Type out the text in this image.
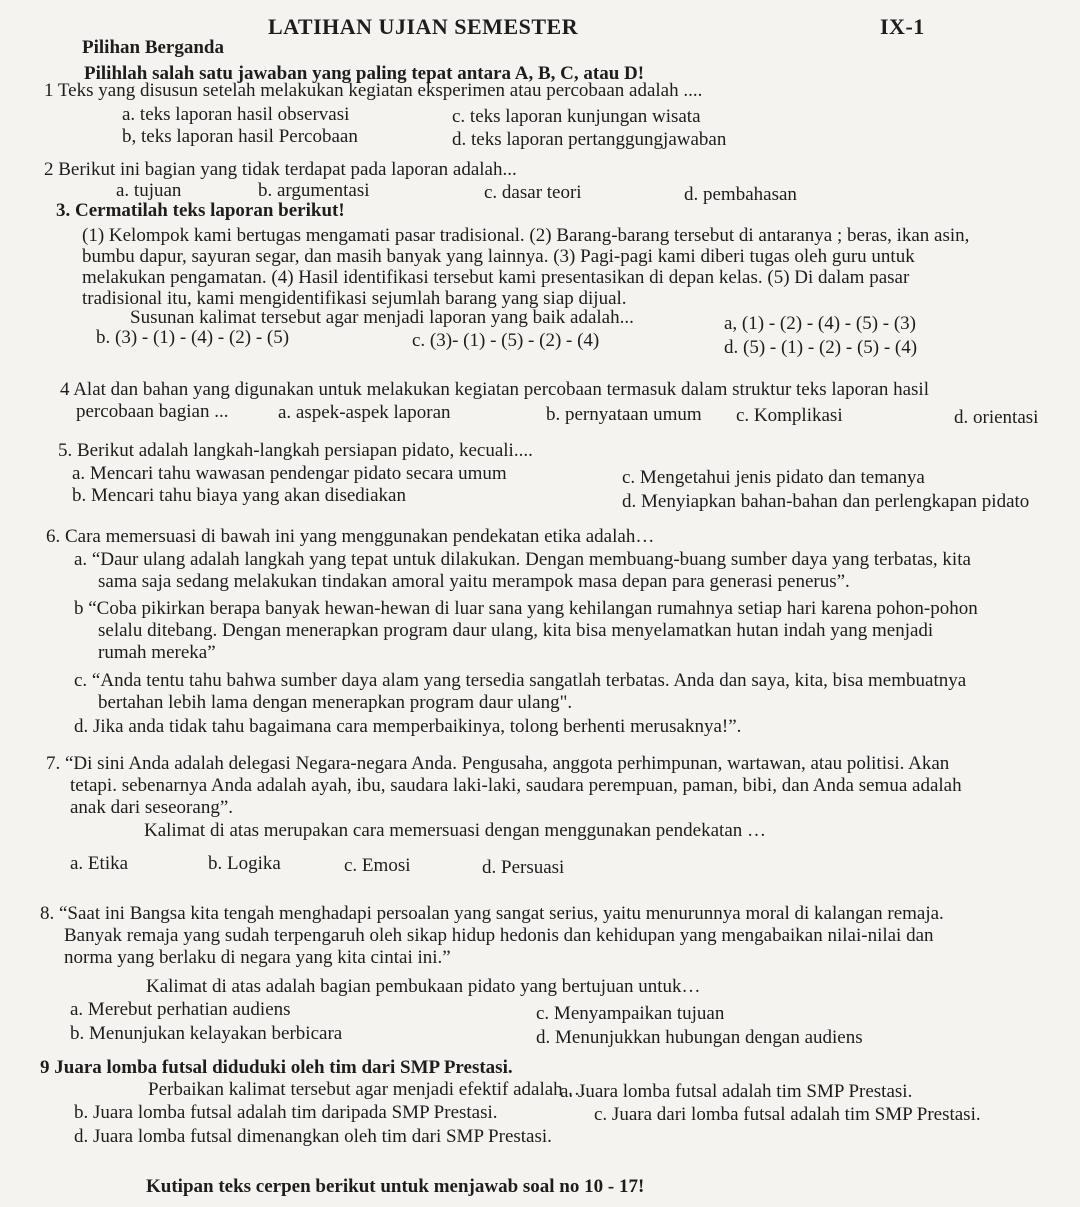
LATIHAN UJIAN SEMESTER	IX-1
Pilihan Berganda
Pilihlah salah satu jawaban yang paling tepat antara A, B, C, atau D!
1 Teks yang disusun setelah melakukan kegiatan eksperimen atau percobaan adalah ....
a. teks laporan hasil observasi
b, teks laporan hasil Percobaan
c. teks laporan kunjungan wisata
d. teks laporan pertanggungjawaban
2 Berikut ini bagian yang tidak terdapat pada laporan adalah...
a. tujuan	b. argumentasi	c. dasar teori	d. pembahasan
3. Cermatilah teks laporan berikut!
(1) Kelompok kami bertugas mengamati pasar tradisional. (2) Barang-barang tersebut di antaranya ; beras, ikan asin,
bumbu dapur, sayuran segar, dan masih banyak yang lainnya. (3) Pagi-pagi kami diberi tugas oleh guru untuk
melakukan pengamatan. (4) Hasil identifikasi tersebut kami presentasikan di depan kelas. (5) Di dalam pasar
tradisional itu, kami mengidentifikasi sejumlah barang yang siap dijual.
Susunan kalimat tersebut agar menjadi laporan yang baik adalah...	a, (1) - (2) - (4) - (5) - (3)
b. (3) - (1) - (4) - (2) - (5)	c. (3)- (1) - (5) - (2) - (4)	d. (5) - (1) - (2) - (5) - (4)
4 Alat dan bahan yang digunakan untuk melakukan kegiatan percobaan termasuk dalam struktur teks laporan hasil
percobaan bagian ...	a. aspek-aspek laporan	b. pernyataan umum c. Komplikasi	d. orientasi
5. Berikut adalah langkah-langkah persiapan pidato, kecuali....
a. Mencari tahu wawasan pendengar pidato secara umum
b. Mencari tahu biaya yang akan disediakan
c. Mengetahui jenis pidato dan temanya
d. Menyiapkan bahan-bahan dan perlengkapan pidato
6. Cara memersuasi di bawah ini yang menggunakan pendekatan etika adalah…
a. “Daur ulang adalah langkah yang tepat untuk dilakukan. Dengan membuang-buang sumber daya yang terbatas, kita
sama saja sedang melakukan tindakan amoral yaitu merampok masa depan para generasi penerus”.
b “Coba pikirkan berapa banyak hewan-hewan di luar sana yang kehilangan rumahnya setiap hari karena pohon-pohon
selalu ditebang. Dengan menerapkan program daur ulang, kita bisa menyelamatkan hutan indah yang menjadi
rumah mereka”
c. “Anda tentu tahu bahwa sumber daya alam yang tersedia sangatlah terbatas. Anda dan saya, kita, bisa membuatnya
bertahan lebih lama dengan menerapkan program daur ulang".
d. Jika anda tidak tahu bagaimana cara memperbaikinya, tolong berhenti merusaknya!”.
7. “Di sini Anda adalah delegasi Negara-negara Anda. Pengusaha, anggota perhimpunan, wartawan, atau politisi. Akan
tetapi. sebenarnya Anda adalah ayah, ibu, saudara laki-laki, saudara perempuan, paman, bibi, dan Anda semua adalah
anak dari seseorang”.
Kalimat di atas merupakan cara memersuasi dengan menggunakan pendekatan …
a. Etika	b. Logika	c. Emosi	d. Persuasi
8. “Saat ini Bangsa kita tengah menghadapi persoalan yang sangat serius, yaitu menurunnya moral di kalangan remaja.
Banyak remaja yang sudah terpengaruh oleh sikap hidup hedonis dan kehidupan yang mengabaikan nilai-nilai dan
norma yang berlaku di negara yang kita cintai ini.”
Kalimat di atas adalah bagian pembukaan pidato yang bertujuan untuk…
a. Merebut perhatian audiens
b. Menunjukan kelayakan berbicara
c. Menyampaikan tujuan
d. Menunjukkan hubungan dengan audiens
9 Juara lomba futsal diduduki oleh tim dari SMP Prestasi.
Perbaikan kalimat tersebut agar menjadi efektif adalah …
a. Juara lomba futsal adalah tim SMP Prestasi.
b. Juara lomba futsal adalah tim daripada SMP Prestasi.	c. Juara dari lomba futsal adalah tim SMP Prestasi.
d. Juara lomba futsal dimenangkan oleh tim dari SMP Prestasi.
Kutipan teks cerpen berikut untuk menjawab soal no 10 - 17!
